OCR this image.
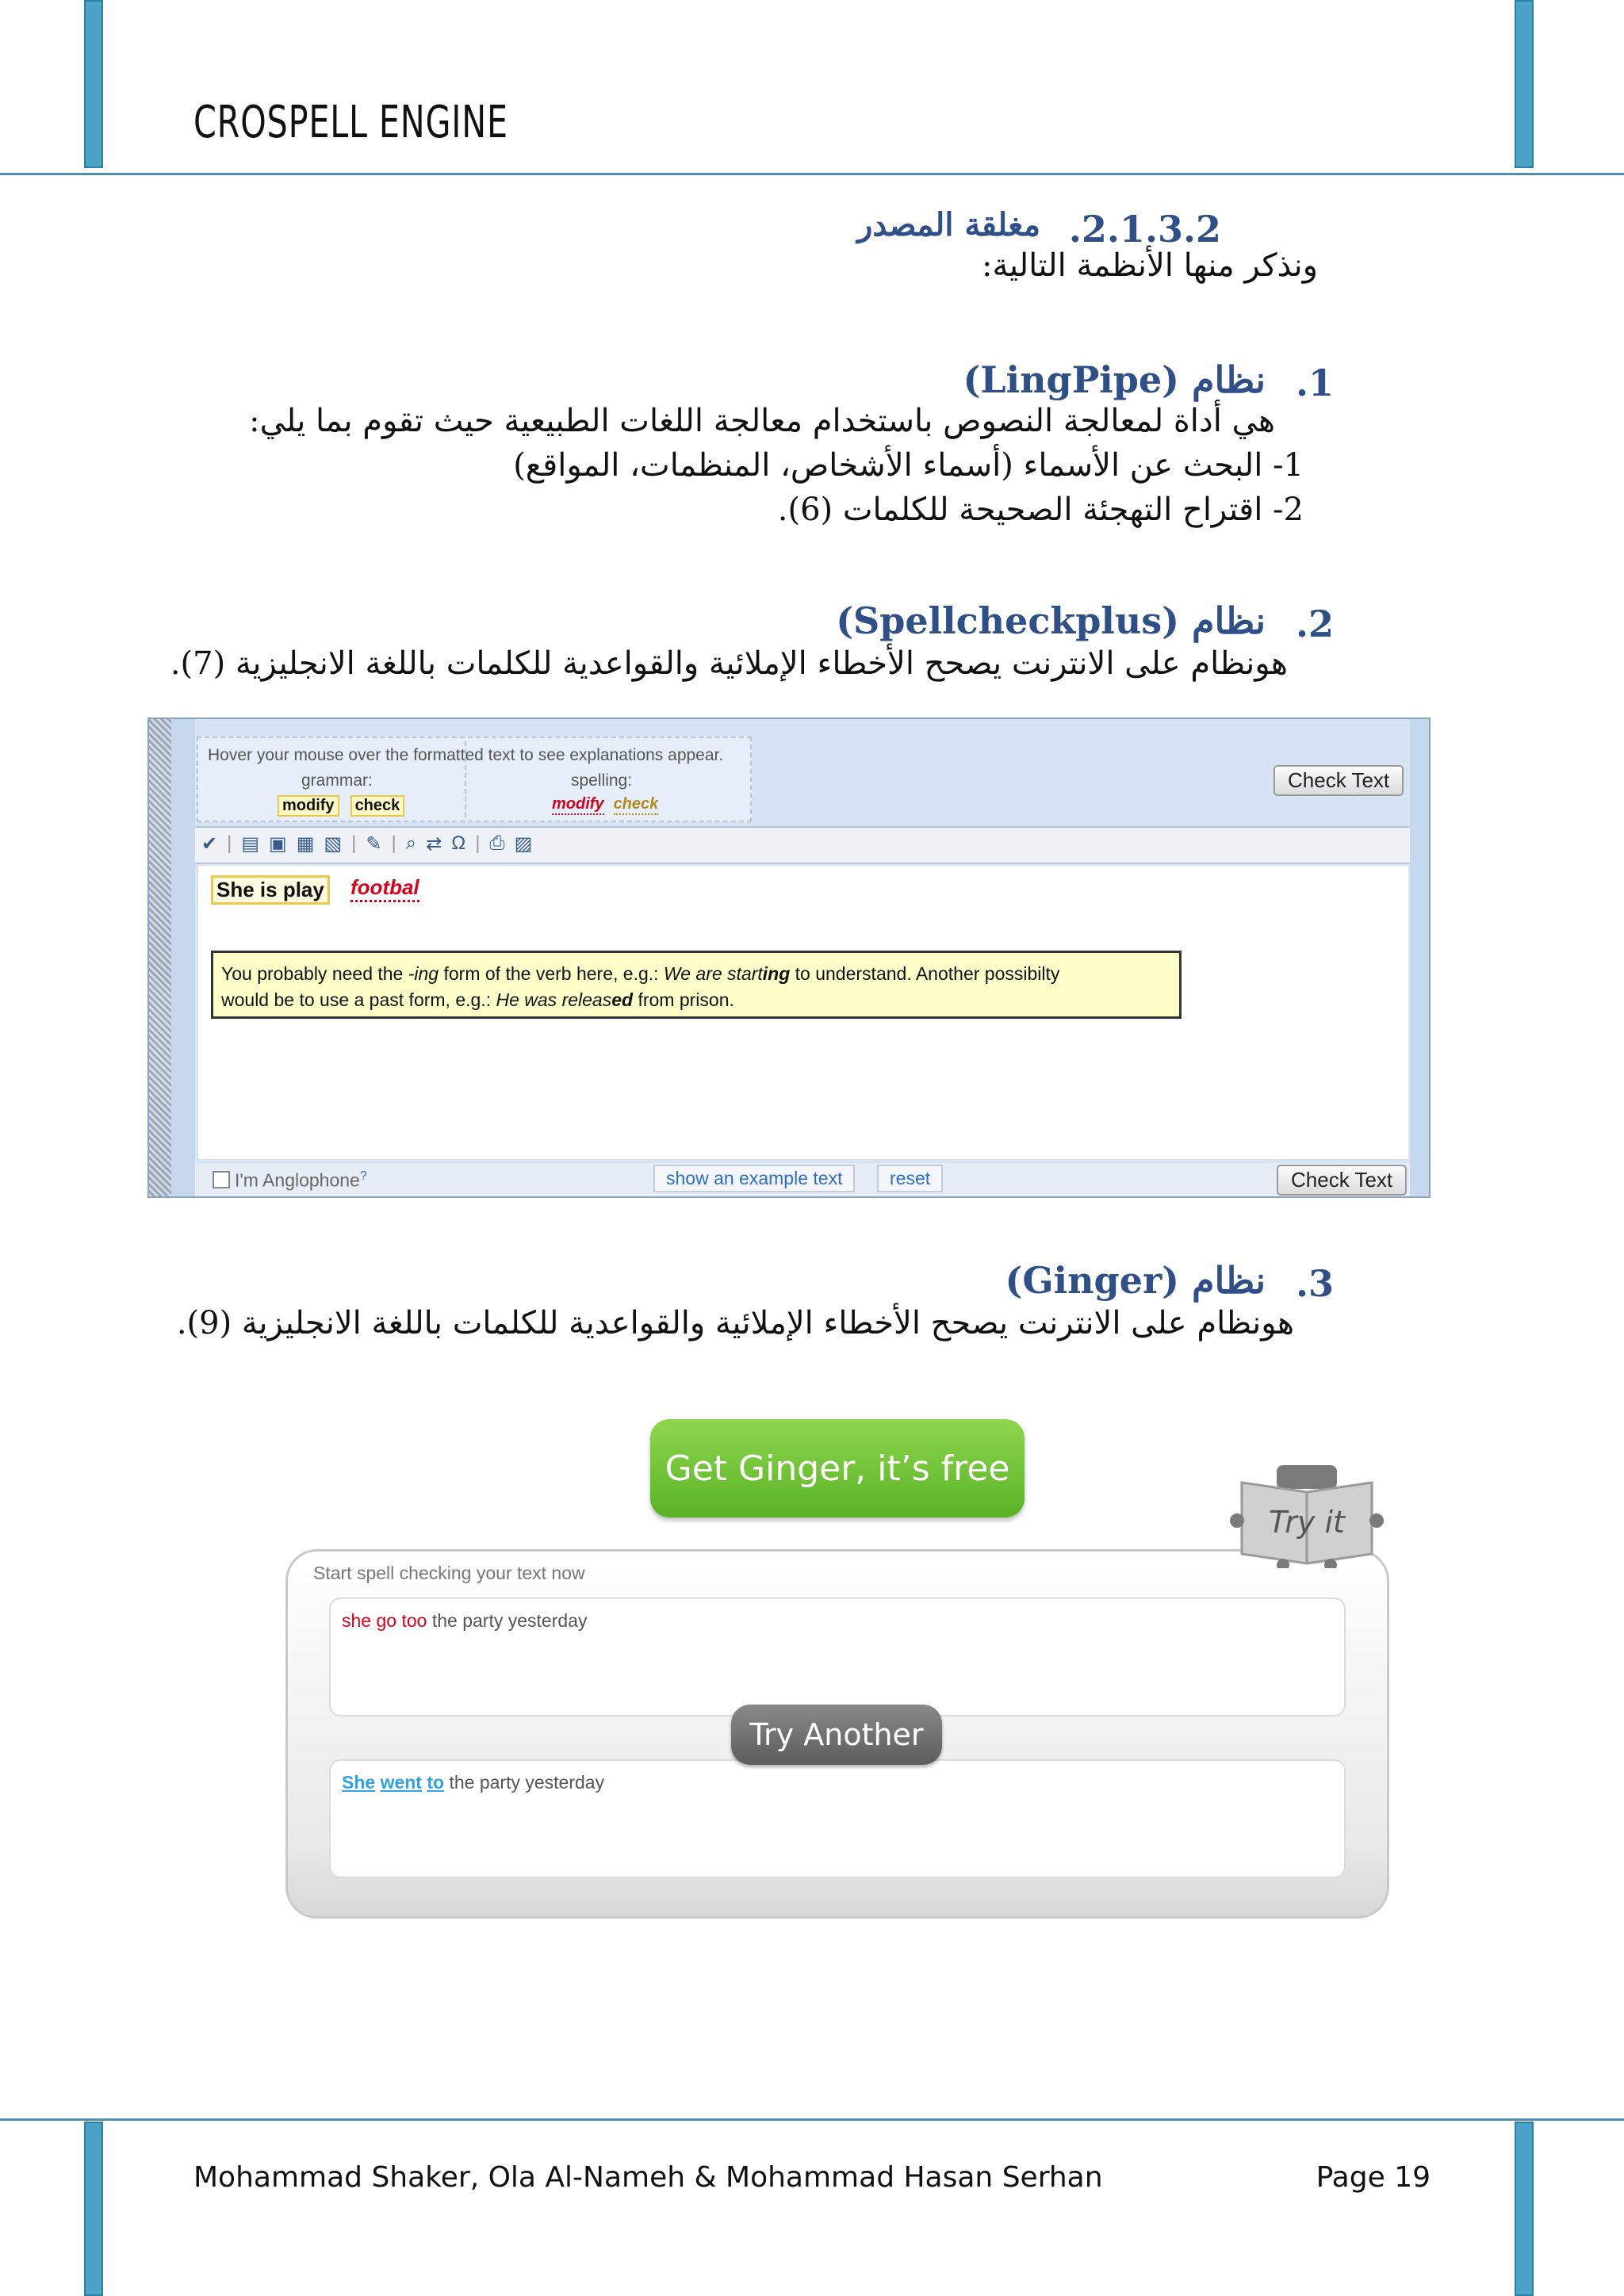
CROSPELL ENGINE
.2.1.3.2
مغلقة المصدر
ونذكر منها الأنظمة التالية:
.1
نظام (LingPipe)
هي أداة لمعالجة النصوص باستخدام معالجة اللغات الطبيعية حيث تقوم بما يلي:
1- البحث عن الأسماء (أسماء الأشخاص، المنظمات، المواقع)
2- اقتراح التهجئة الصحيحة للكلمات (6).
.2
نظام (Spellcheckplus)
هونظام على الانترنت يصحح الأخطاء الإملائية والقواعدية للكلمات باللغة الانجليزية (7).
Hover your mouse over the formatted text to see explanations appear.
grammar:
modify	check
spelling:
modify check
Check Text
✔ | ▤ ▣ ▦ ▧ | ✎ | ⌕ ⇄ Ω | ⎙ ▨
She is play footbal
You probably need the -ing form of the verb here, e.g.: We are starting to understand. Another possibilty
would be to use a past form, e.g.: He was released from prison.
I'm Anglophone?	show an example text	reset	Check Text
.3
نظام (Ginger)
هونظام على الانترنت يصحح الأخطاء الإملائية والقواعدية للكلمات باللغة الانجليزية (9).
Get Ginger, it’s free
Start spell checking your text now
she go too the party yesterday
She went to the party yesterday
Try Another
Try it
Mohammad Shaker, Ola Al-Nameh & Mohammad Hasan Serhan	Page 19
